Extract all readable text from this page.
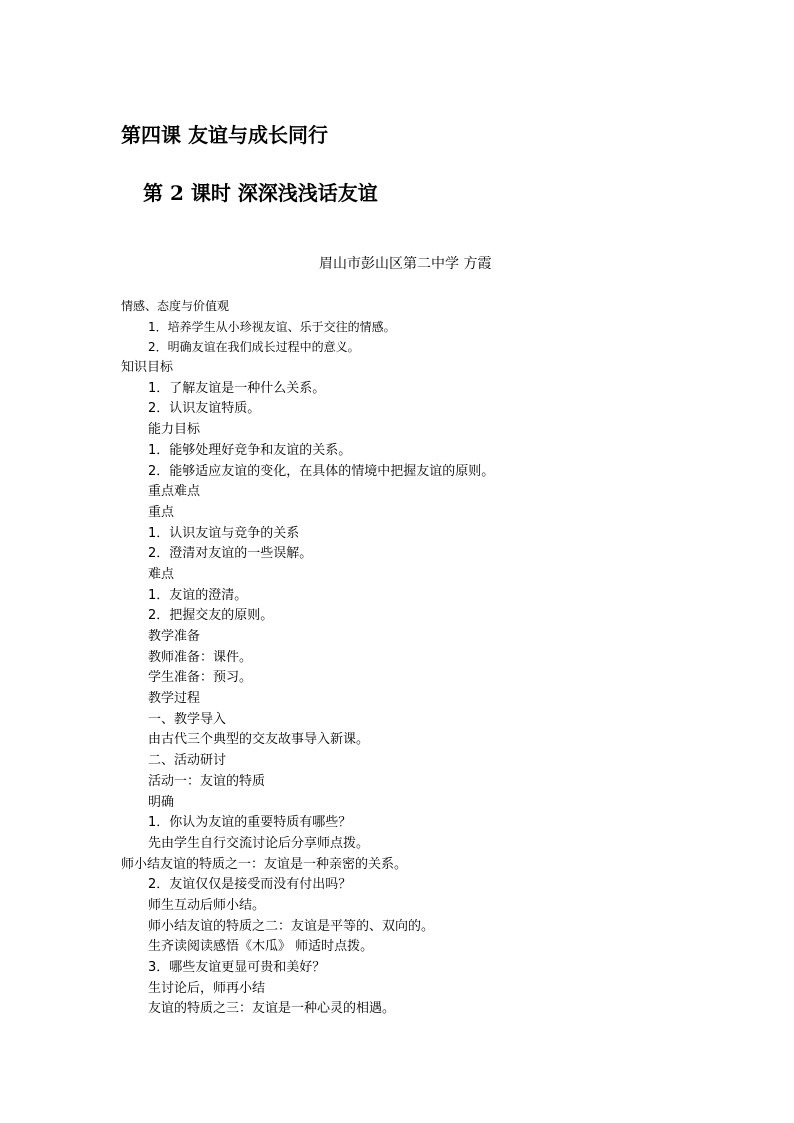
第四课 友谊与成长同行
第 2 课时 深深浅浅话友谊
眉山市彭山区第二中学 方霞
情感、态度与价值观
1．培养学生从小珍视友谊、乐于交往的情感。
2．明确友谊在我们成长过程中的意义。
知识目标
1．了解友谊是一种什么关系。
2．认识友谊特质。
能力目标
1．能够处理好竞争和友谊的关系。
2．能够适应友谊的变化，在具体的情境中把握友谊的原则。
重点难点
重点
1．认识友谊与竞争的关系
2．澄清对友谊的一些误解。
难点
1．友谊的澄清。
2．把握交友的原则。
教学准备
教师准备：课件。
学生准备：预习。
教学过程
一、教学导入
由古代三个典型的交友故事导入新课。
二、活动研讨
活动一：友谊的特质
明确
1．你认为友谊的重要特质有哪些？
先由学生自行交流讨论后分享师点拨。
师小结友谊的特质之一：友谊是一种亲密的关系。
2．友谊仅仅是接受而没有付出吗？
师生互动后师小结。
师小结友谊的特质之二：友谊是平等的、双向的。
生齐读阅读感悟《木瓜》 师适时点拨。
3．哪些友谊更显可贵和美好？
生讨论后，师再小结
友谊的特质之三：友谊是一种心灵的相遇。
